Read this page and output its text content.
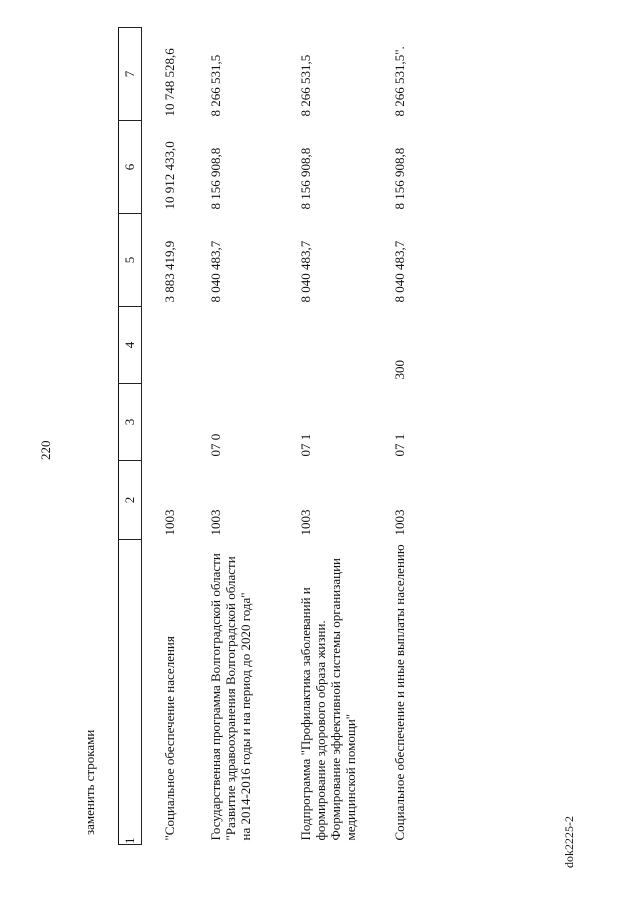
220
заменить строками
1	2	3	4	5	6	7
"Социальное обеспечение населения	1003			3 883 419,9	10 912 433,0	10 748 528,6
Государственная программа Волгоградской области "Развитие здравоохранения Волгоградской области на 2014-2016 годы и на период до 2020 года"	1003	07 0		8 040 483,7	8 156 908,8	8 266 531,5
Подпрограмма "Профилактика заболеваний и формирование здорового образа жизни. Формирование эффективной системы организации медицинской помощи"	1003	07 1		8 040 483,7	8 156 908,8	8 266 531,5
Социальное обеспечение и иные выплаты населению	1003	07 1	300	8 040 483,7	8 156 908,8	8 266 531,5".
dok2225-2
